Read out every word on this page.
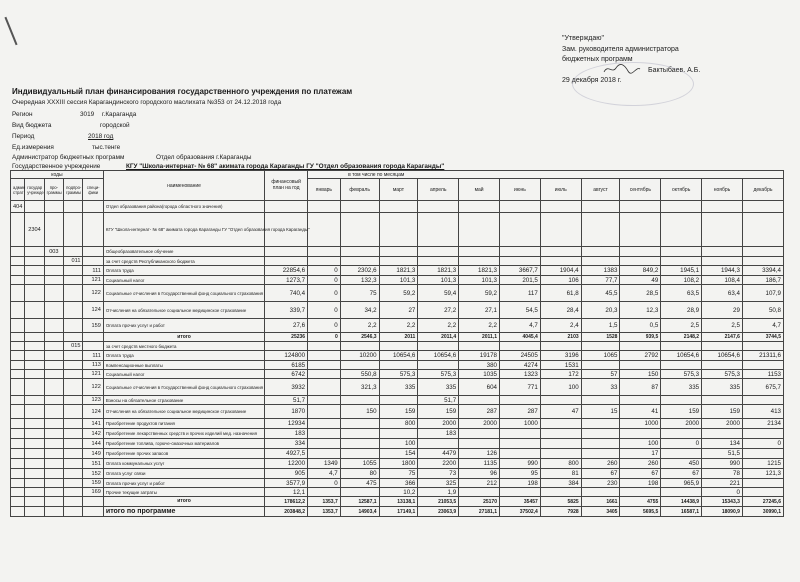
"Утверждаю"
Зам. руководителя администратора
бюджетных программ
Бактыбаев. А.Б.
29 декабря 2018 г.
Индивидуальный план финансирования государственного учреждения по платежам
Очередная XXXIII сессия Карагандинского городского маслихата №353 от 24.12.2018 года
Регион	3019 г.Караганда
Вид бюджета	городской
Период	2018 год
Ед.измерения	тыс.тенге
Администратор бюджетных программ	Отдел образования г.Караганды
Государственное учреждение	КГУ "Школа-интернат- № 68" акимата города Караганды ГУ "Отдел образования города Караганды"
коды					наименование	финансовый план на год	в том числе по месяцам											
админ страт	государ учрежде	про-граммы	подпро-граммы	специ-фики			январь	февраль	март	апрель	май	июнь	июль	август	сентябрь	октябрь	ноябрь	декабрь
404					Отдел образования района(города областного значения)													
	2304				КГУ "Школа-интернат- № 68" акимата города Караганды ГУ "Отдел образования города Караганды"													
		003			Общеобразовательное обучение													
			011		за счет средств Республиканского бюджета													
				111	Оплата труда	22854,6	0	2302,6	1821,3	1821,3	1821,3	3667,7	1904,4	1383	849,2	1945,1	1944,3	3394,4
				121	Социальный налог	1273,7	0	132,3	101,3	101,3	101,3	201,5	106	77,7	49	108,2	108,4	186,7
				122	Социальные отчисления в Государственный фонд социального страхования	740,4	0	75	59,2	59,4	59,2	117	61,8	45,5	28,5	63,5	63,4	107,9
				124	Отчисления на обязательное социальное медицинское страхование	339,7	0	34,2	27	27,2	27,1	54,5	28,4	20,3	12,3	28,9	29	50,8
				159	Оплата прочих услуг и работ	27,6	0	2,2	2,2	2,2	2,2	4,7	2,4	1,5	0,5	2,5	2,5	4,7
					итого	25236	0	2546,3	2011	2011,4	2011,1	4045,4	2103	1528	939,5	2148,2	2147,6	3744,5
			015		за счет средств местного бюджета													
				111	Оплата труда	124800		10200	10654,6	10654,6	19178	24505	3196	1065	2792	10654,6	10654,6	21311,6
				113	Компенсационные выплаты	6185					380	4274	1531					
				121	Социальный налог	6742		550,8	575,3	575,3	1035	1323	172	57	150	575,3	575,3	1153
				122	Социальные отчисления в Государственный фонд социального страхования	3932		321,3	335	335	604	771	100	33	87	335	335	675,7
				123	Взносы на обязательное страхование	51,7				51,7								
				124	Отчисления на обязательное социальное медицинское страхование	1870		150	159	159	287	287	47	15	41	159	159	413
				141	Приобретение продуктов питания	12934			800	2000	2000	1000			1000	2000	2000	2134
				142	Приобретение лекарственных средств и прочих изделий мед. назначения	183				183								
				144	Приобретение топлива, горюче-смазочных материалов	334			100						100	0	134	0
				149	Приобретение прочих запасов	4927,5			154	4479	126				17		51,5	
				151	Оплата коммунальных услуг	12200	1349	1055	1800	2200	1135	990	800	260	260	450	990	1215
				152	Оплата услуг связи	905	4,7	80	75	73	96	95	81	67	67	67	78	121,3
				159	Оплата прочих услуг и работ	3577,9	0	475	366	325	212	198	384	230	198	965,9	221	
				169	Прочие текущие затраты	12,1			10,2	1,9							0	
					итого	178612,2	1353,7	12587,1	13138,1	21053,5	25170	35457	5825	1661	4755	14438,9	15343,3	27245,6
					итого по программе	203848,2	1353,7	14903,4	17149,1	23063,9	27181,1	37502,4	7928	3405	5695,5	16587,1	18090,9	30990,1
